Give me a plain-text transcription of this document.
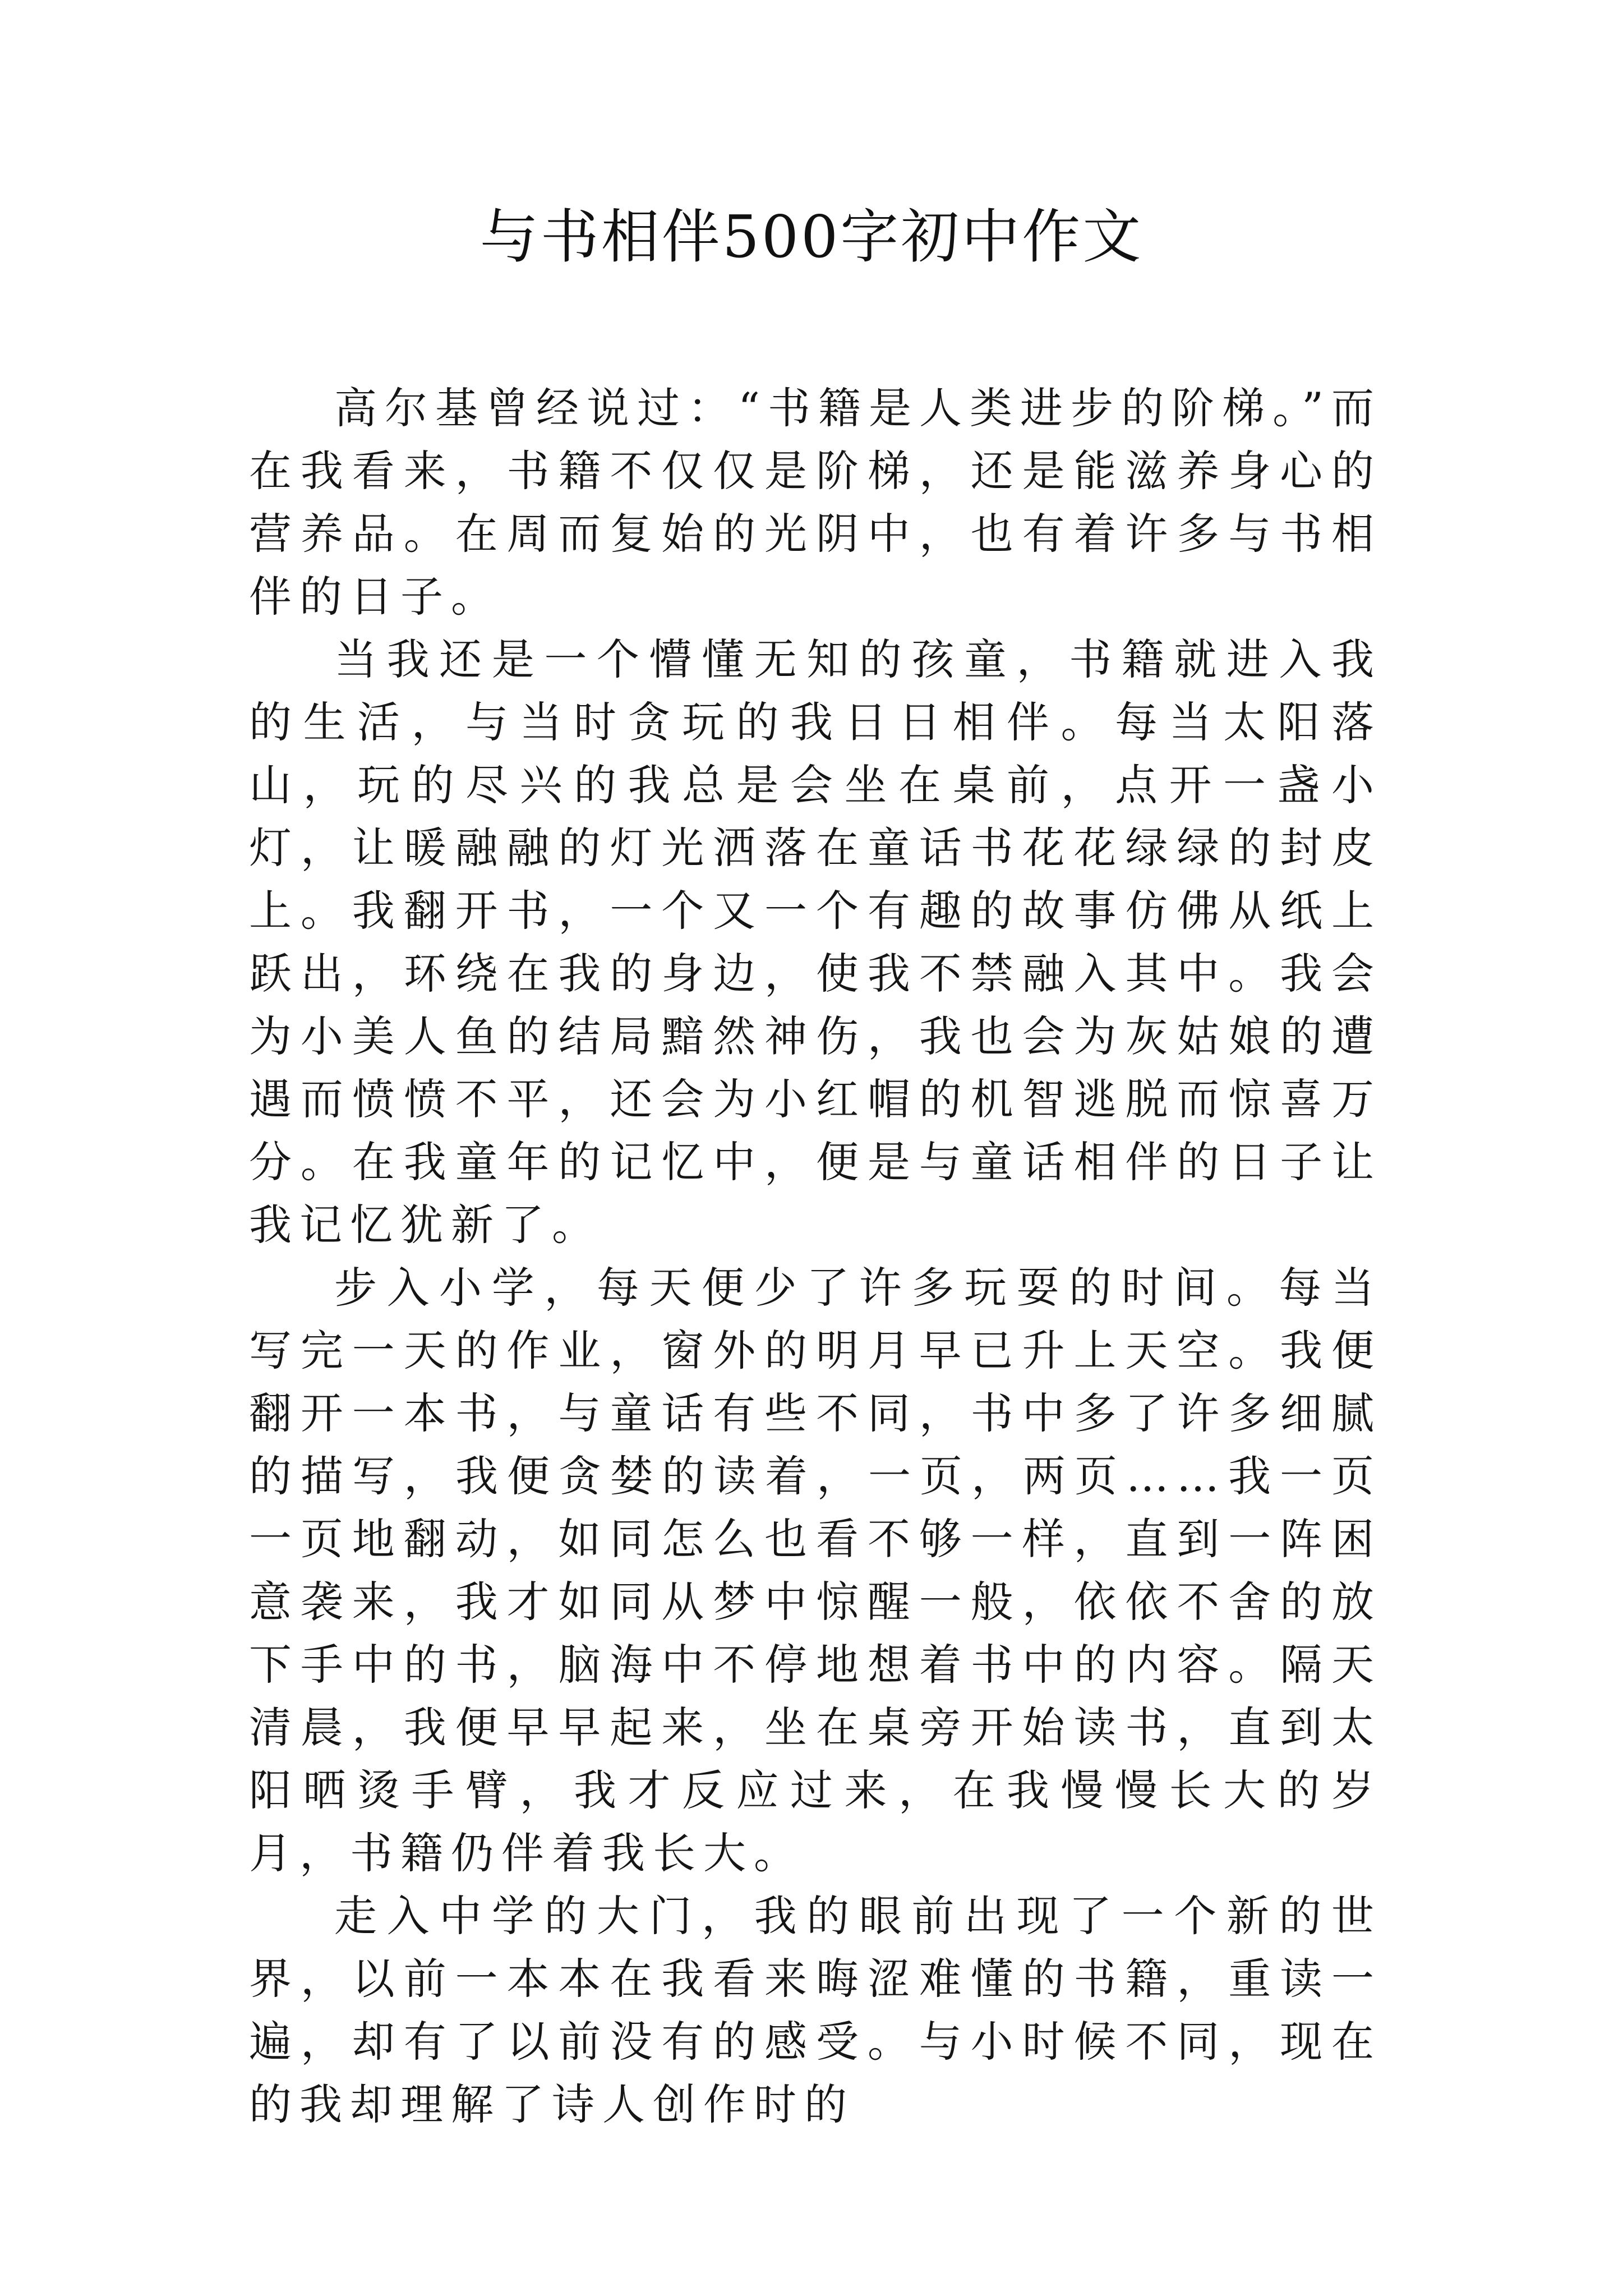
与书相伴500字初中作文

高尔基曾经说过：“书籍是人类进步的阶梯。”而在我看来，书籍不仅仅是阶梯，还是能滋养身心的营养品。在周而复始的光阴中，也有着许多与书相伴的日子。

当我还是一个懵懂无知的孩童，书籍就进入我的生活，与当时贪玩的我日日相伴。每当太阳落山，玩的尽兴的我总是会坐在桌前，点开一盏小灯，让暖融融的灯光洒落在童话书花花绿绿的封皮上。我翻开书，一个又一个有趣的故事仿佛从纸上跃出，环绕在我的身边，使我不禁融入其中。我会为小美人鱼的结局黯然神伤，我也会为灰姑娘的遭遇而愤愤不平，还会为小红帽的机智逃脱而惊喜万分。在我童年的记忆中，便是与童话相伴的日子让我记忆犹新了。

步入小学，每天便少了许多玩耍的时间。每当写完一天的作业，窗外的明月早已升上天空。我便翻开一本书，与童话有些不同，书中多了许多细腻的描写，我便贪婪的读着，一页，两页……我一页一页地翻动，如同怎么也看不够一样，直到一阵困意袭来，我才如同从梦中惊醒一般，依依不舍的放下手中的书，脑海中不停地想着书中的内容。隔天清晨，我便早早起来，坐在桌旁开始读书，直到太阳晒烫手臂，我才反应过来，在我慢慢长大的岁月，书籍仍伴着我长大。

走入中学的大门，我的眼前出现了一个新的世界，以前一本本在我看来晦涩难懂的书籍，重读一遍，却有了以前没有的感受。与小时候不同，现在的我却理解了诗人创作时的
